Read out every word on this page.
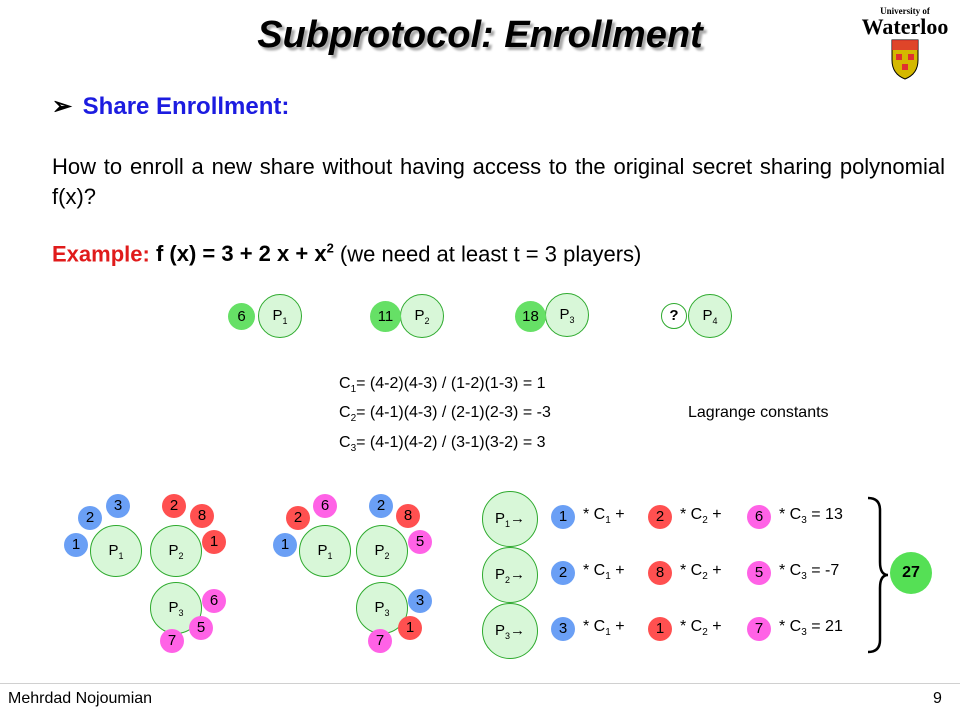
Subprotocol: Enrollment
University of
Waterloo
➢ Share Enrollment:
How to enroll a new share without having access to the original secret sharing polynomial f(x)?
Example: f (x) = 3 + 2 $x + x^2$ (we need at least t = 3 players)
$P_1$
6	$P_2$
11	$P_3$
18	$P_4$
?
$C_1= (4-2)(4-3) / (1-2)(1-3) = 1$
$C_2= (4-1)(4-3) / (2-1)(2-3) = -3$
$C_3= (4-1)(4-2) / (3-1)(3-2) = 3$
Lagrange constants
$P_1$	$P_2$
$P_3$
3
2
1
2
8
1
6
5
7
$P_1$	$P_2$
$P_3$
6
2
1
2
8
5
3
1
7
$P_1\to$	$1 * C_1$ +	$2 * C_2$ +	$6 * C_3 = 13$
$P_2\to$	$2 * C_1$ +	$8 * C_2$ +	$5 * C_3 = -7$
$P_3\to$	$3 * C_1$ +	$1 * C_2$ +	$7 * C_3 = 21$
27
Mehrdad Nojoumian	9
